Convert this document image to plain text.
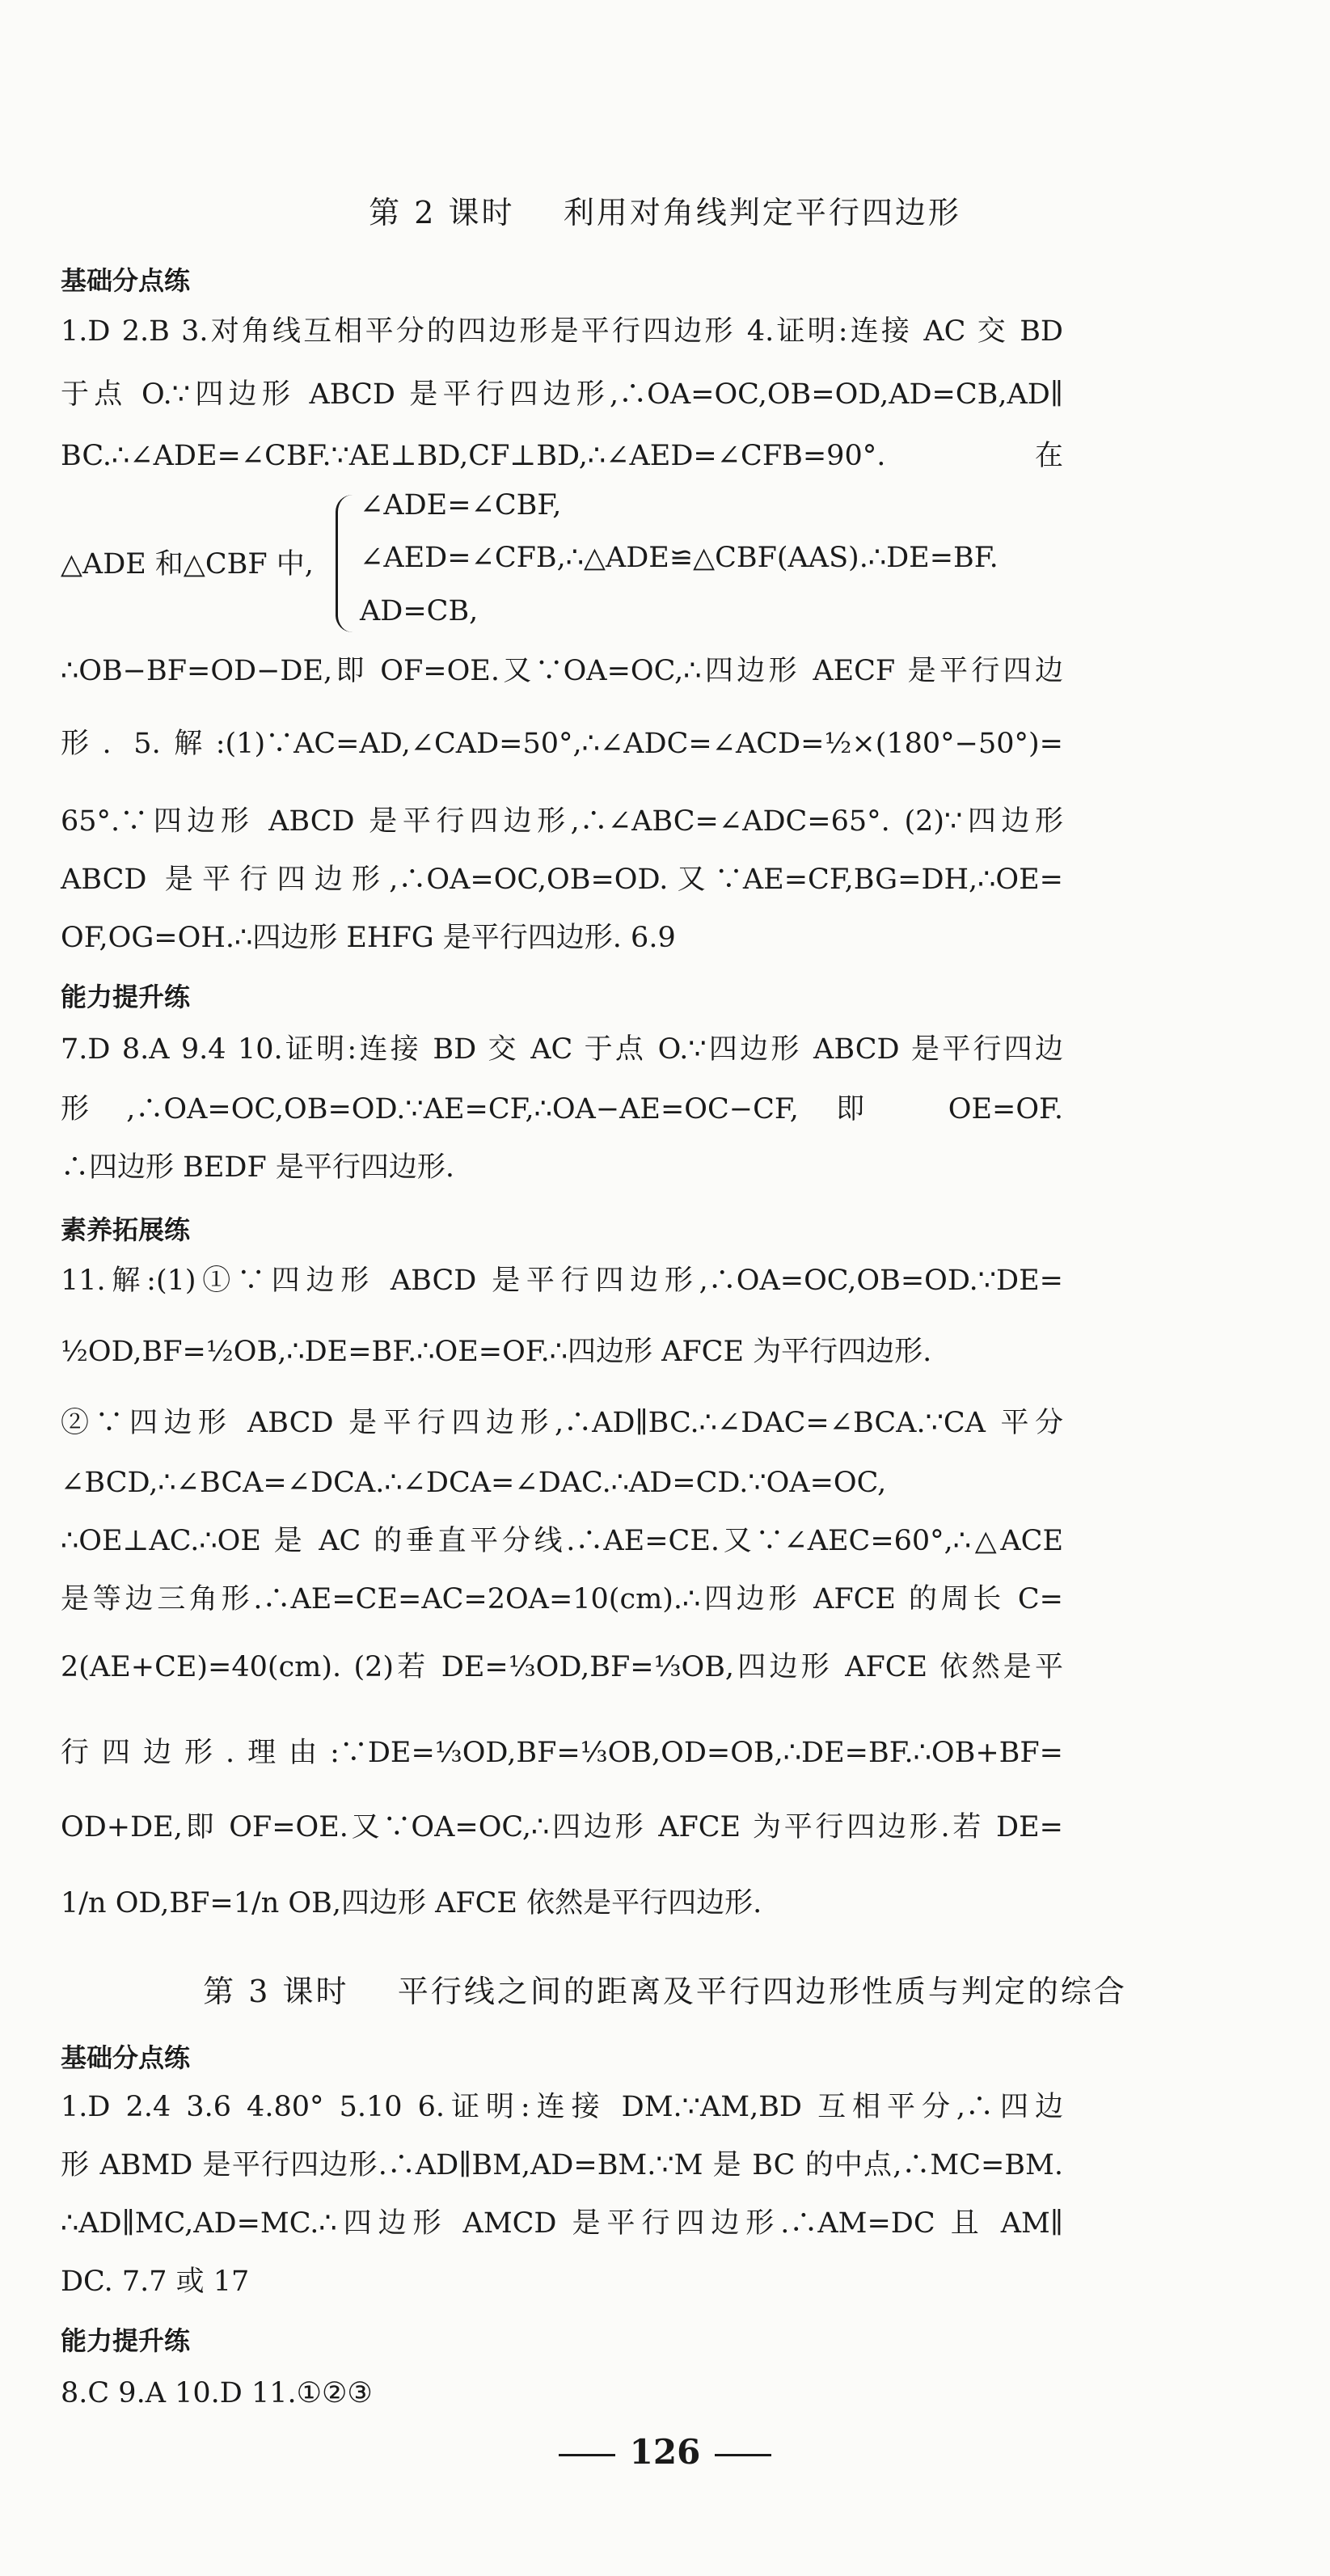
第 2 课时    利用对角线判定平行四边形
基础分点练
1.D 2.B 3.对角线互相平分的四边形是平行四边形 4.证明:连接 AC 交 BD
于点 O.∵四边形 ABCD 是平行四边形,∴OA=OC,OB=OD,AD=CB,AD∥
BC.∴∠ADE=∠CBF.∵AE⊥BD,CF⊥BD,∴∠AED=∠CFB=90°.在
△ADE 和△CBF 中,
∠ADE=∠CBF,
∠AED=∠CFB,∴△ADE≌△CBF(AAS).∴DE=BF.
AD=CB,
∴OB−BF=OD−DE,即 OF=OE.又∵OA=OC,∴四边形 AECF 是平行四边
形. 5.解:(1)∵AC=AD,∠CAD=50°,∴∠ADC=∠ACD=½×(180°−50°)=
65°.∵四边形 ABCD 是平行四边形,∴∠ABC=∠ADC=65°. (2)∵四边形
ABCD 是平行四边形,∴OA=OC,OB=OD.又∵AE=CF,BG=DH,∴OE=
OF,OG=OH.∴四边形 EHFG 是平行四边形. 6.9
能力提升练
7.D 8.A 9.4 10.证明:连接 BD 交 AC 于点 O.∵四边形 ABCD 是平行四边
形,∴OA=OC,OB=OD.∵AE=CF,∴OA−AE=OC−CF,即 OE=OF.
∴四边形 BEDF 是平行四边形.
素养拓展练
11.解:(1)①∵四边形 ABCD 是平行四边形,∴OA=OC,OB=OD.∵DE=
½OD,BF=½OB,∴DE=BF.∴OE=OF.∴四边形 AFCE 为平行四边形.
②∵四边形 ABCD 是平行四边形,∴AD∥BC.∴∠DAC=∠BCA.∵CA 平分
∠BCD,∴∠BCA=∠DCA.∴∠DCA=∠DAC.∴AD=CD.∵OA=OC,
∴OE⊥AC.∴OE 是 AC 的垂直平分线.∴AE=CE.又∵∠AEC=60°,∴△ACE
是等边三角形.∴AE=CE=AC=2OA=10(cm).∴四边形 AFCE 的周长 C=
2(AE+CE)=40(cm). (2)若 DE=⅓OD,BF=⅓OB,四边形 AFCE 依然是平
行四边形.理由:∵DE=⅓OD,BF=⅓OB,OD=OB,∴DE=BF.∴OB+BF=
OD+DE,即 OF=OE.又∵OA=OC,∴四边形 AFCE 为平行四边形.若 DE=
1/n OD,BF=1/n OB,四边形 AFCE 依然是平行四边形.
第 3 课时    平行线之间的距离及平行四边形性质与判定的综合
基础分点练
1.D 2.4 3.6 4.80° 5.10 6.证明:连接 DM.∵AM,BD 互相平分,∴四边
形 ABMD 是平行四边形.∴AD∥BM,AD=BM.∵M 是 BC 的中点,∴MC=BM.
∴AD∥MC,AD=MC.∴四边形 AMCD 是平行四边形.∴AM=DC 且 AM∥
DC. 7.7 或 17
能力提升练
8.C 9.A 10.D 11.①②③
126
